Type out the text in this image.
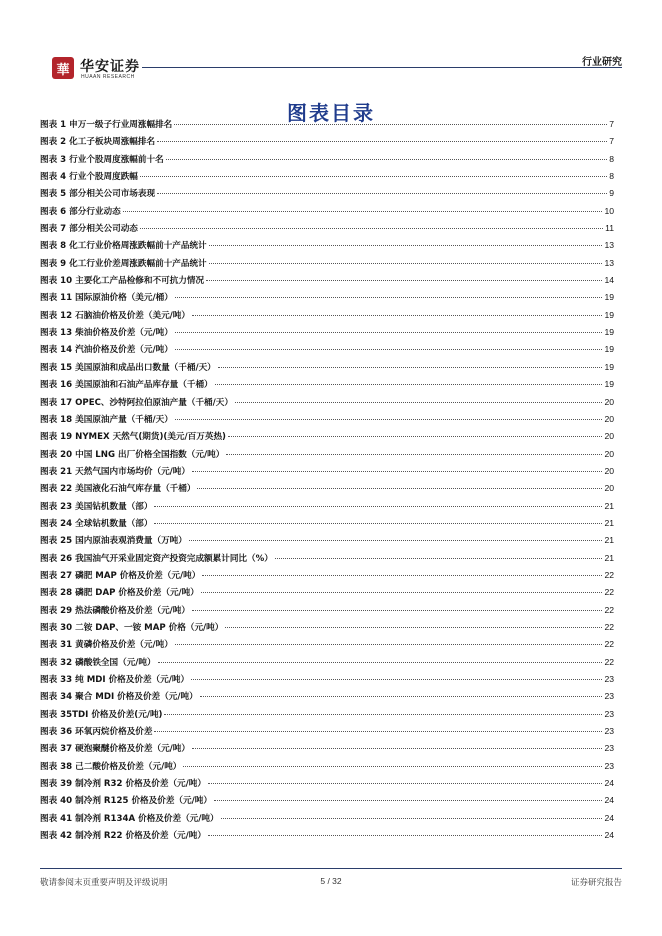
華 华安证券
HUAAN RESEARCH
行业研究
图表目录
图表 1 申万一级子行业周涨幅排名	7
图表 2 化工子板块周涨幅排名	7
图表 3 行业个股周度涨幅前十名	8
图表 4 行业个股周度跌幅	8
图表 5 部分相关公司市场表现	9
图表 6 部分行业动态	10
图表 7 部分相关公司动态	11
图表 8 化工行业价格周涨跌幅前十产品统计	13
图表 9 化工行业价差周涨跌幅前十产品统计	13
图表 10 主要化工产品检修和不可抗力情况	14
图表 11 国际原油价格（美元/桶）	19
图表 12 石脑油价格及价差（美元/吨）	19
图表 13 柴油价格及价差（元/吨）	19
图表 14 汽油价格及价差（元/吨）	19
图表 15 美国原油和成品出口数量（千桶/天）	19
图表 16 美国原油和石油产品库存量（千桶）	19
图表 17 OPEC、沙特阿拉伯原油产量（千桶/天）	20
图表 18 美国原油产量（千桶/天）	20
图表 19 NYMEX 天然气(期货)(美元/百万英热)	20
图表 20 中国 LNG 出厂价格全国指数（元/吨）	20
图表 21 天然气国内市场均价（元/吨）	20
图表 22 美国液化石油气库存量（千桶）	20
图表 23 美国钻机数量（部）	21
图表 24 全球钻机数量（部）	21
图表 25 国内原油表观消费量（万吨）	21
图表 26 我国油气开采业固定资产投资完成额累计同比（%）	21
图表 27 磷肥 MAP 价格及价差（元/吨）	22
图表 28 磷肥 DAP 价格及价差（元/吨）	22
图表 29 热法磷酸价格及价差（元/吨）	22
图表 30 二铵 DAP、一铵 MAP 价格（元/吨）	22
图表 31 黄磷价格及价差（元/吨）	22
图表 32 磷酸铁全国（元/吨）	22
图表 33 纯 MDI 价格及价差（元/吨）	23
图表 34 聚合 MDI 价格及价差（元/吨）	23
图表 35TDI 价格及价差(元/吨)	23
图表 36 环氧丙烷价格及价差	23
图表 37 硬泡聚醚价格及价差（元/吨）	23
图表 38 己二酸价格及价差（元/吨）	23
图表 39 制冷剂 R32 价格及价差（元/吨）	24
图表 40 制冷剂 R125 价格及价差（元/吨）	24
图表 41 制冷剂 R134A 价格及价差（元/吨）	24
图表 42 制冷剂 R22 价格及价差（元/吨）	24
敬请参阅末页重要声明及评级说明	5 / 32	证券研究报告
